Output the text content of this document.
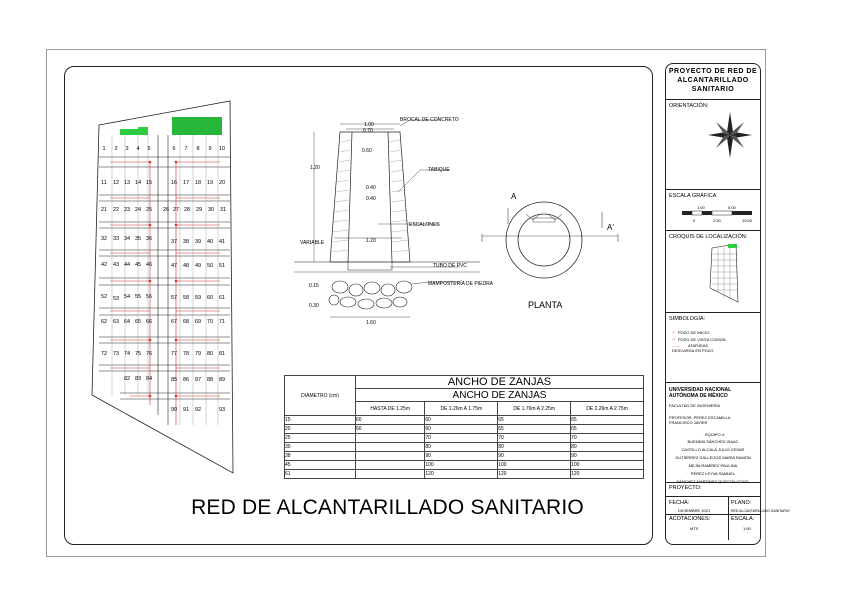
1	2	3	4	5	6	7	8	9	10
11	12 13 14 15	16	17	18	19	20
21	22 23 24 25	26 27 28	29	30	31
32	33 34 35 36	37	38	39	40	41
42	43 44 45 46	47	48	49	50	51
52	53 54 55 56	57	58	59	60	61
62	63 64 65 66	67	68	69	70	71
72	73 74 75 76	77	78	79	80	81
82 83 84	85	86	87	88	89
90	91	92	93
BROCAL DE CONCRETO
TABIQUE
ESCALONES
TUBO DE PVC
MAMPOSTERÍA DE PIEDRA
1.00
0.70
0.60
1.20
0.40
0.40
1.20
VARIABLE
0.15
0.30
1.60
A
A'
PLANTA
DIÁMETRO (cm)	ANCHO DE ZANJAS			
	ANCHO DE ZANJAS			
	HASTA DE 1.25m	DE 1.26m A 1.75m	DE 1.76m A 2.25m	DE 2.26m A 2.75m
15	60	60	65	65
20	60	60	65	65
25		70	70	70
30		80	80	80
38		90	90	90
45		100	100	100
61		120	120	120
RED DE ALCANTARILLADO SANITARIO
PROYECTO DE RED DE ALCANTARILLADO SANITARIO
ORIENTACIÓN:
ESCALA GRÁFICA
1:00	5:00
0	2:50	10:00
CROQUIS DE LOCALIZACIÓN:
SIMBOLOGÍA:
○ POZO DE INICIO
○ POZO DE VISITA COMÚN
—— ATARJEAS
DESCARGA EN POZO
UNIVERSIDAD NACIONAL AUTÓNOMA DE MÉXICO
FACULTAD DE INGENIERÍA
PROFESOR: PEREZ ESCAMILLA FRANCISCO JAVIER
EQUIPO 4:
BUENDÍA SÁNCHEZ ISAAC
CASTILLO ALCALÁ JULIO CESAR
GUTIÉRREZ GALLEGOS MARIA RAMÓN
MEJÍA RAMÍREZ PAULINA
PÉREZ LEYVA SAMUEL
SÁNCHEZ MARTÍNEZ QUETZALCÓATL
PROYECTO:
FECHA:
DICIEMBRE 2021
PLANO:
RED ALCANTARILLADO SANITARIO
ACOTACIONES:
MTS
ESCALA:
1:50
